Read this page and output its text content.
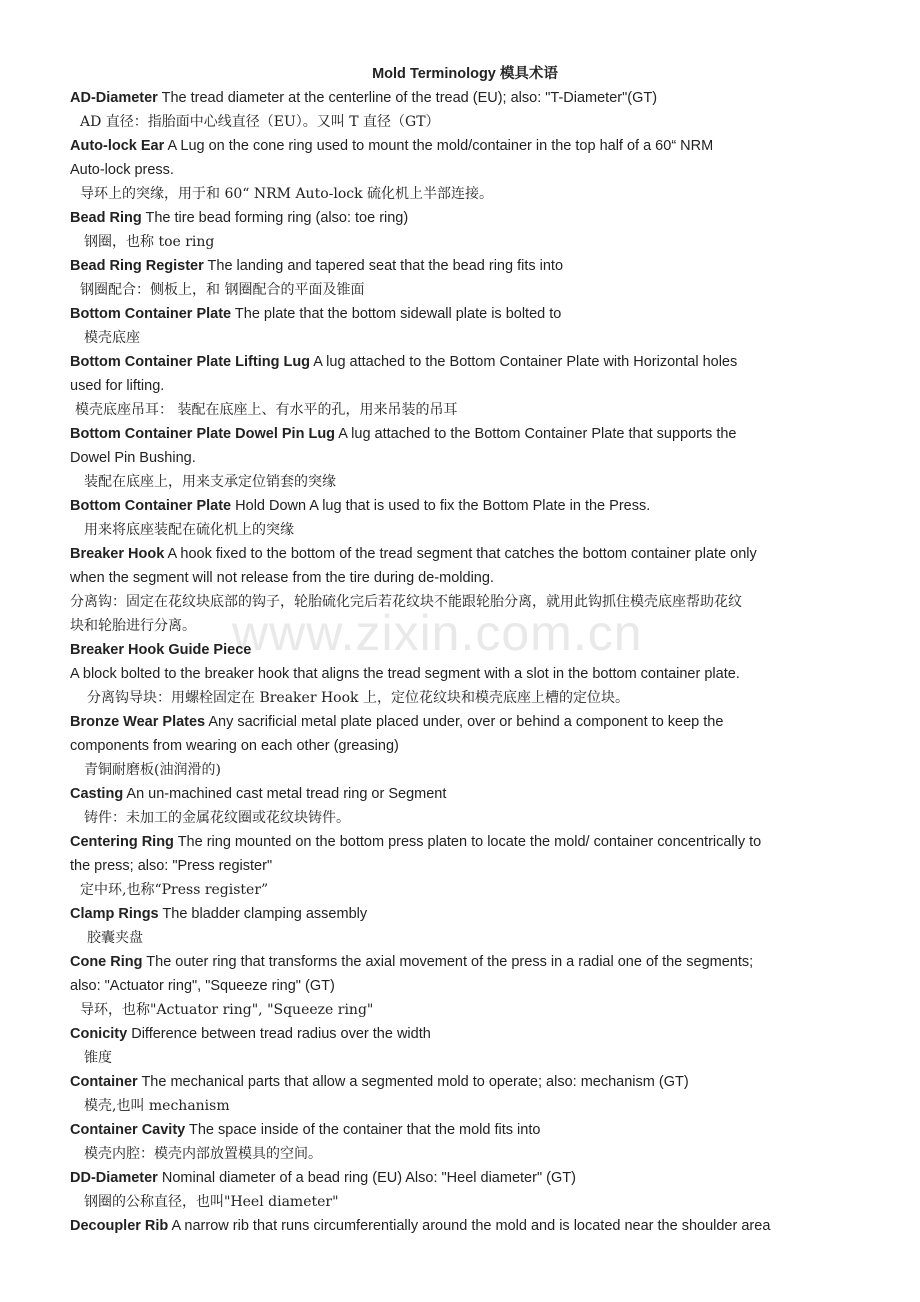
www.zixin.com.cn
Mold Terminology 模具术语
AD-Diameter The tread diameter at the centerline of the tread (EU); also: "T-Diameter"(GT)
AD 直径：指胎面中心线直径（EU）。又叫 T 直径（GT）
Auto-lock Ear A Lug on the cone ring used to mount the mold/container in the top half of a 60“ NRM
Auto-lock press.
导环上的突缘，用于和 60“ NRM Auto-lock 硫化机上半部连接。
Bead Ring The tire bead forming ring (also: toe ring)
钢圈，也称 toe ring
Bead Ring Register The landing and tapered seat that the bead ring fits into
钢圈配合：侧板上，和 钢圈配合的平面及锥面
Bottom Container Plate The plate that the bottom sidewall plate is bolted to
模壳底座
Bottom Container Plate Lifting Lug A lug attached to the Bottom Container Plate with Horizontal holes
used for lifting.
模壳底座吊耳： 装配在底座上、有水平的孔，用来吊装的吊耳
Bottom Container Plate Dowel Pin Lug A lug attached to the Bottom Container Plate that supports the
Dowel Pin Bushing.
装配在底座上，用来支承定位销套的突缘
Bottom Container Plate Hold Down A lug that is used to fix the Bottom Plate in the Press.
用来将底座装配在硫化机上的突缘
Breaker Hook A hook fixed to the bottom of the tread segment that catches the bottom container plate only
when the segment will not release from the tire during de-molding.
分离钩：固定在花纹块底部的钩子，轮胎硫化完后若花纹块不能跟轮胎分离，就用此钩抓住模壳底座帮助花纹
块和轮胎进行分离。
Breaker Hook Guide Piece
A block bolted to the breaker hook that aligns the tread segment with a slot in the bottom container plate.
分离钩导块：用螺栓固定在 Breaker Hook 上，定位花纹块和模壳底座上槽的定位块。
Bronze Wear Plates Any sacrificial metal plate placed under, over or behind a component to keep the
components from wearing on each other (greasing)
青铜耐磨板(油润滑的)
Casting An un-machined cast metal tread ring or Segment
铸件：未加工的金属花纹圈或花纹块铸件。
Centering Ring The ring mounted on the bottom press platen to locate the mold/ container concentrically to
the press; also: "Press register"
定中环,也称“Press register”
Clamp Rings The bladder clamping assembly
胶囊夹盘
Cone Ring The outer ring that transforms the axial movement of the press in a radial one of the segments;
also: "Actuator ring", "Squeeze ring" (GT)
导环，也称"Actuator ring", "Squeeze ring"
Conicity Difference between tread radius over the width
锥度
Container The mechanical parts that allow a segmented mold to operate; also: mechanism (GT)
模壳,也叫 mechanism
Container Cavity The space inside of the container that the mold fits into
模壳内腔：模壳内部放置模具的空间。
DD-Diameter Nominal diameter of a bead ring (EU) Also: "Heel diameter" (GT)
钢圈的公称直径，也叫"Heel diameter"
Decoupler Rib A narrow rib that runs circumferentially around the mold and is located near the shoulder area
